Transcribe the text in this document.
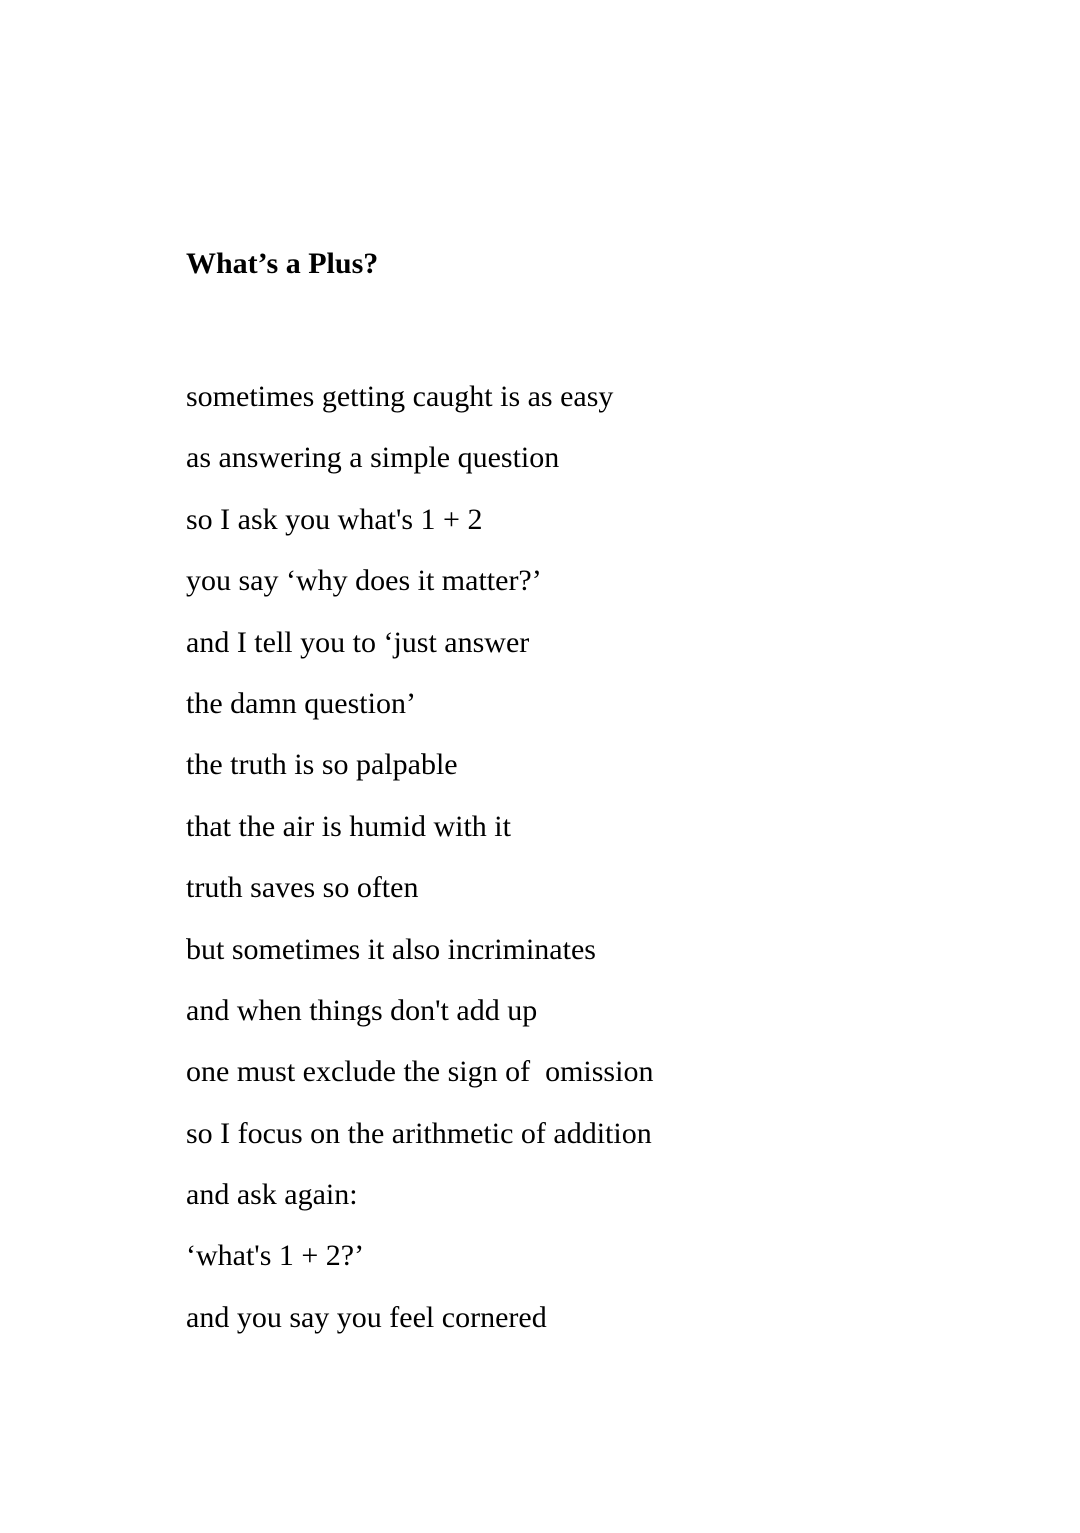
What’s a Plus?
sometimes getting caught is as easy
as answering a simple question
so I ask you what's 1 + 2
you say ‘why does it matter?’
and I tell you to ‘just answer
the damn question’
the truth is so palpable
that the air is humid with it
truth saves so often
but sometimes it also incriminates
and when things don't add up
one must exclude the sign of  omission
so I focus on the arithmetic of addition
and ask again:
‘what's 1 + 2?’
and you say you feel cornered
